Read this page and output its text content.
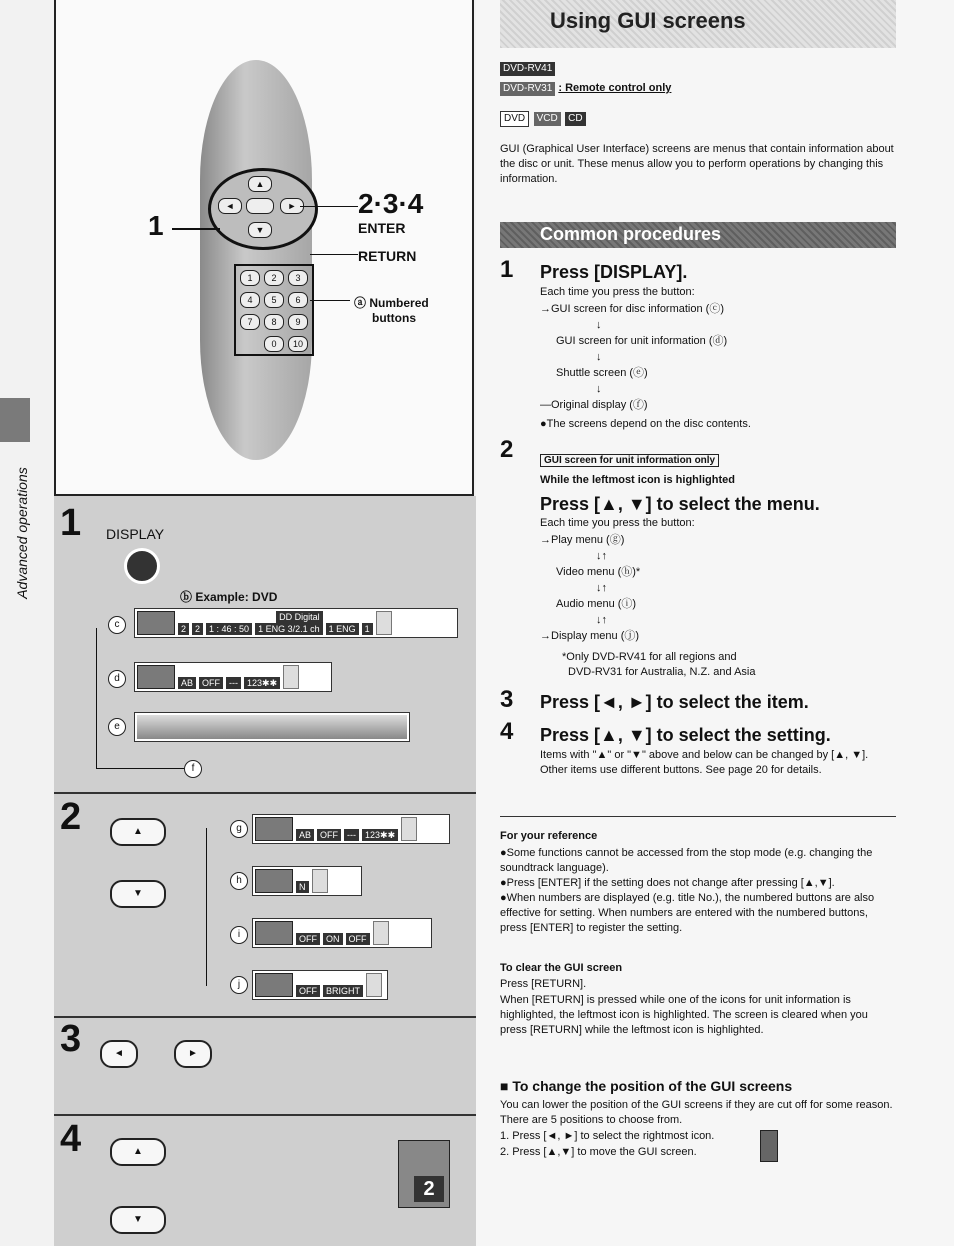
▲
▼
◄	►
1	2	3
4	5	6
7	8	9
0	10
2·3·4
ENTER
RETURN
1
ⓐ Numbered
buttons
Advanced operations 1 DISPLAY
ⓑ Example: DVD
c	2	2	1 : 46 : 50
DD Digital
1 ENG 3/2.1 ch	1 ENG	1
d	AB	OFF	---	123✱✱
e
f
2	▲
▼
g
AB	OFF	---	123✱✱
h
N
i	OFF	ON	OFF
j
OFF	BRIGHT
3	◄	►
4	▲
▼
2
Using GUI screens
DVD-RV41
DVD-RV31 : Remote control only
DVD VCD CD
GUI (Graphical User Interface) screens are menus that contain information about the disc or unit. These menus allow you to perform operations by changing this information.
Common procedures
1 Press [DISPLAY].
Each time you press the button:
→GUI screen for disc information (ⓒ)
↓
GUI screen for unit information (ⓓ)
↓
Shuttle screen (ⓔ)
↓
—Original display (ⓕ)
●The screens depend on the disc contents.
2	GUI screen for unit information only
While the leftmost icon is highlighted
Press [▲, ▼] to select the menu.
Each time you press the button:
→Play menu (ⓖ)
↓↑
Video menu (ⓗ)*
↓↑
Audio menu (ⓘ)
↓↑
→Display menu (ⓙ)
*Only DVD-RV41 for all regions and
DVD-RV31 for Australia, N.Z. and Asia
3 Press [◄, ►] to select the item.
4 Press [▲, ▼] to select the setting.
Items with "▲" or "▼" above and below can be changed by [▲, ▼]. Other items use different buttons. See page 20 for details.
For your reference
●Some functions cannot be accessed from the stop mode (e.g. changing the soundtrack language).
●Press [ENTER] if the setting does not change after pressing [▲,▼].
●When numbers are displayed (e.g. title No.), the numbered buttons are also effective for setting. When numbers are entered with the numbered buttons, press [ENTER] to register the setting.
To clear the GUI screen
Press [RETURN].
When [RETURN] is pressed while one of the icons for unit information is highlighted, the leftmost icon is highlighted. The screen is cleared when you press [RETURN] while the leftmost icon is highlighted.
■ To change the position of the GUI screens
You can lower the position of the GUI screens if they are cut off for some reason. There are 5 positions to choose from.
1. Press [◄, ►] to select the rightmost icon.
2. Press [▲,▼] to move the GUI screen.
